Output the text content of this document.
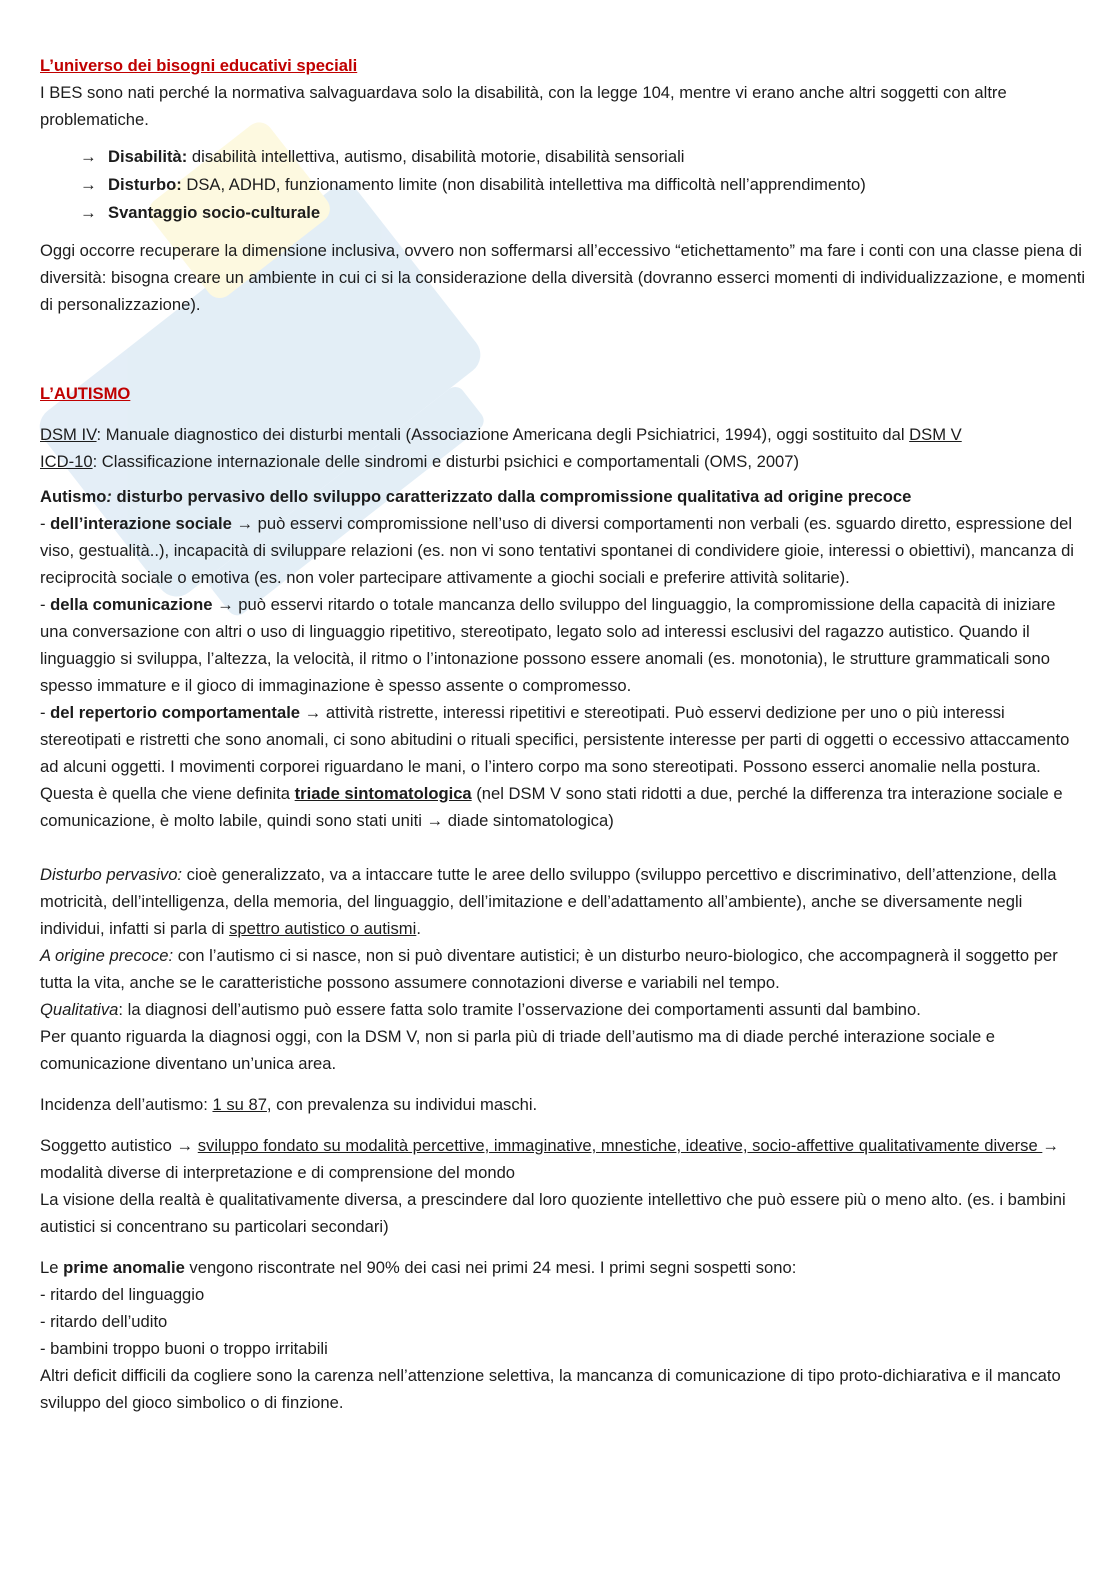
L’universo dei bisogni educativi speciali

I BES sono nati perché la normativa salvaguardava solo la disabilità, con la legge 104, mentre vi erano anche altri soggetti con altre problematiche.

→ Disabilità: disabilità intellettiva, autismo, disabilità motorie, disabilità sensoriali
→ Disturbo: DSA, ADHD, funzionamento limite (non disabilità intellettiva ma difficoltà nell’apprendimento)
→ Svantaggio socio-culturale

Oggi occorre recuperare la dimensione inclusiva, ovvero non soffermarsi all’eccessivo “etichettamento” ma fare i conti con una classe piena di diversità: bisogna creare un ambiente in cui ci si la considerazione della diversità (dovranno esserci momenti di individualizzazione, e momenti di personalizzazione).

L’AUTISMO

DSM IV: Manuale diagnostico dei disturbi mentali (Associazione Americana degli Psichiatrici, 1994), oggi sostituito dal DSM V

ICD-10: Classificazione internazionale delle sindromi e disturbi psichici e comportamentali (OMS, 2007)

Autismo: disturbo pervasivo dello sviluppo caratterizzato dalla compromissione qualitativa ad origine precoce

- dell’interazione sociale → può esservi compromissione nell’uso di diversi comportamenti non verbali (es. sguardo diretto, espressione del viso, gestualità..), incapacità di sviluppare relazioni (es. non vi sono tentativi spontanei di condividere gioie, interessi o obiettivi), mancanza di reciprocità sociale o emotiva (es. non voler partecipare attivamente a giochi sociali e preferire attività solitarie).

- della comunicazione → può esservi ritardo o totale mancanza dello sviluppo del linguaggio, la compromissione della capacità di iniziare una conversazione con altri o uso di linguaggio ripetitivo, stereotipato, legato solo ad interessi esclusivi del ragazzo autistico. Quando il linguaggio si sviluppa, l’altezza, la velocità, il ritmo o l’intonazione possono essere anomali (es. monotonia), le strutture grammaticali sono spesso immature e il gioco di immaginazione è spesso assente o compromesso.

- del repertorio comportamentale → attività ristrette, interessi ripetitivi e stereotipati. Può esservi dedizione per uno o più interessi stereotipati e ristretti che sono anomali, ci sono abitudini o rituali specifici, persistente interesse per parti di oggetti o eccessivo attaccamento ad alcuni oggetti. I movimenti corporei riguardano le mani, o l’intero corpo ma sono stereotipati. Possono esserci anomalie nella postura.

Questa è quella che viene definita triade sintomatologica (nel DSM V sono stati ridotti a due, perché la differenza tra interazione sociale e comunicazione, è molto labile, quindi sono stati uniti → diade sintomatologica)

Disturbo pervasivo: cioè generalizzato, va a intaccare tutte le aree dello sviluppo (sviluppo percettivo e discriminativo, dell’attenzione, della motricità, dell’intelligenza, della memoria, del linguaggio, dell’imitazione e dell’adattamento all’ambiente), anche se diversamente negli individui, infatti si parla di spettro autistico o autismi.

A origine precoce: con l’autismo ci si nasce, non si può diventare autistici; è un disturbo neuro-biologico, che accompagnerà il soggetto per tutta la vita, anche se le caratteristiche possono assumere connotazioni diverse e variabili nel tempo.

Qualitativa: la diagnosi dell’autismo può essere fatta solo tramite l’osservazione dei comportamenti assunti dal bambino.

Per quanto riguarda la diagnosi oggi, con la DSM V, non si parla più di triade dell’autismo ma di diade perché interazione sociale e comunicazione diventano un’unica area.

Incidenza dell’autismo: 1 su 87, con prevalenza su individui maschi.

Soggetto autistico → sviluppo fondato su modalità percettive, immaginative, mnestiche, ideative, socio-affettive qualitativamente diverse → modalità diverse di interpretazione e di comprensione del mondo

La visione della realtà è qualitativamente diversa, a prescindere dal loro quoziente intellettivo che può essere più o meno alto. (es. i bambini autistici si concentrano su particolari secondari)

Le prime anomalie vengono riscontrate nel 90% dei casi nei primi 24 mesi. I primi segni sospetti sono:

- ritardo del linguaggio

- ritardo dell’udito

- bambini troppo buoni o troppo irritabili

Altri deficit difficili da cogliere sono la carenza nell’attenzione selettiva, la mancanza di comunicazione di tipo proto-dichiarativa e il mancato sviluppo del gioco simbolico o di finzione.
